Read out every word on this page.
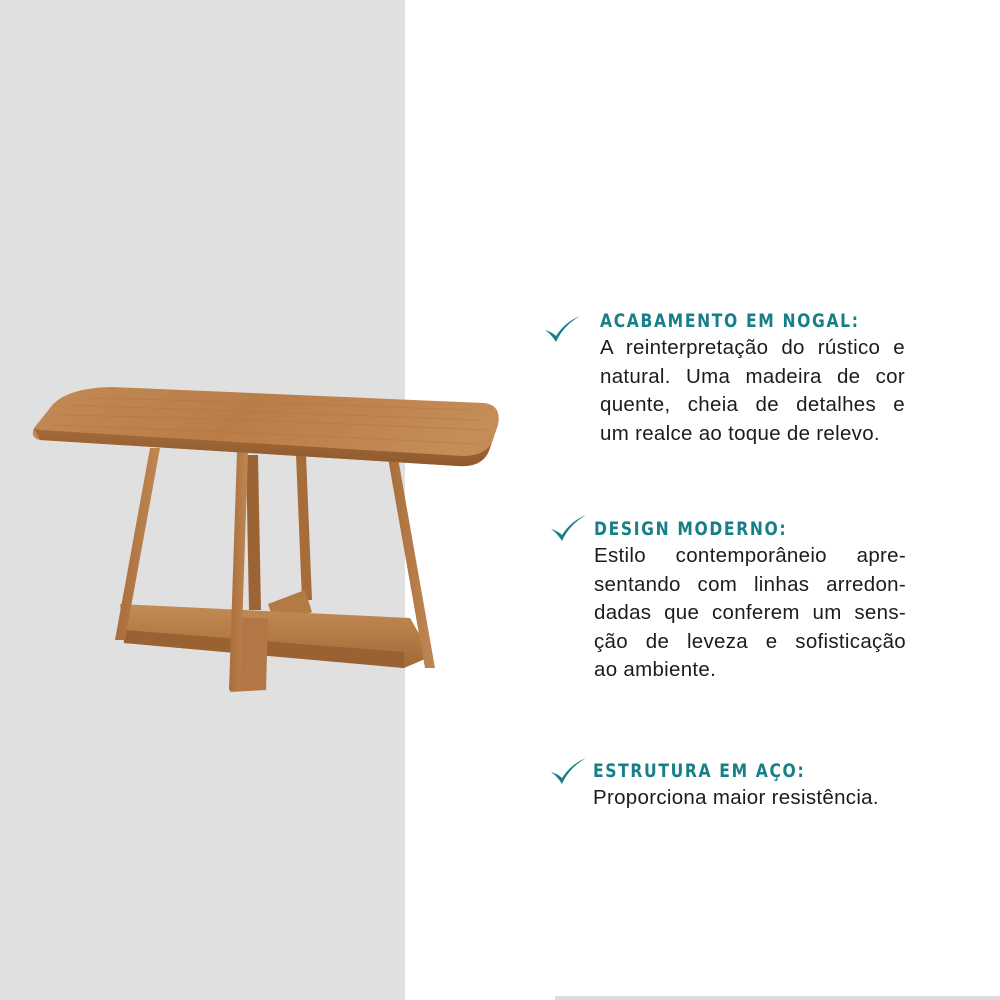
ACABAMENTO EM NOGAL:
A reinterpretação do rústico e
natural. Uma madeira de cor
quente, cheia de detalhes e
um realce ao toque de relevo.
DESIGN MODERNO:
Estilo contemporâneio apre-
sentando com linhas arredon-
dadas que conferem um sens-
ção de leveza e sofisticação
ao ambiente.
ESTRUTURA EM AÇO:
Proporciona maior resistência.
